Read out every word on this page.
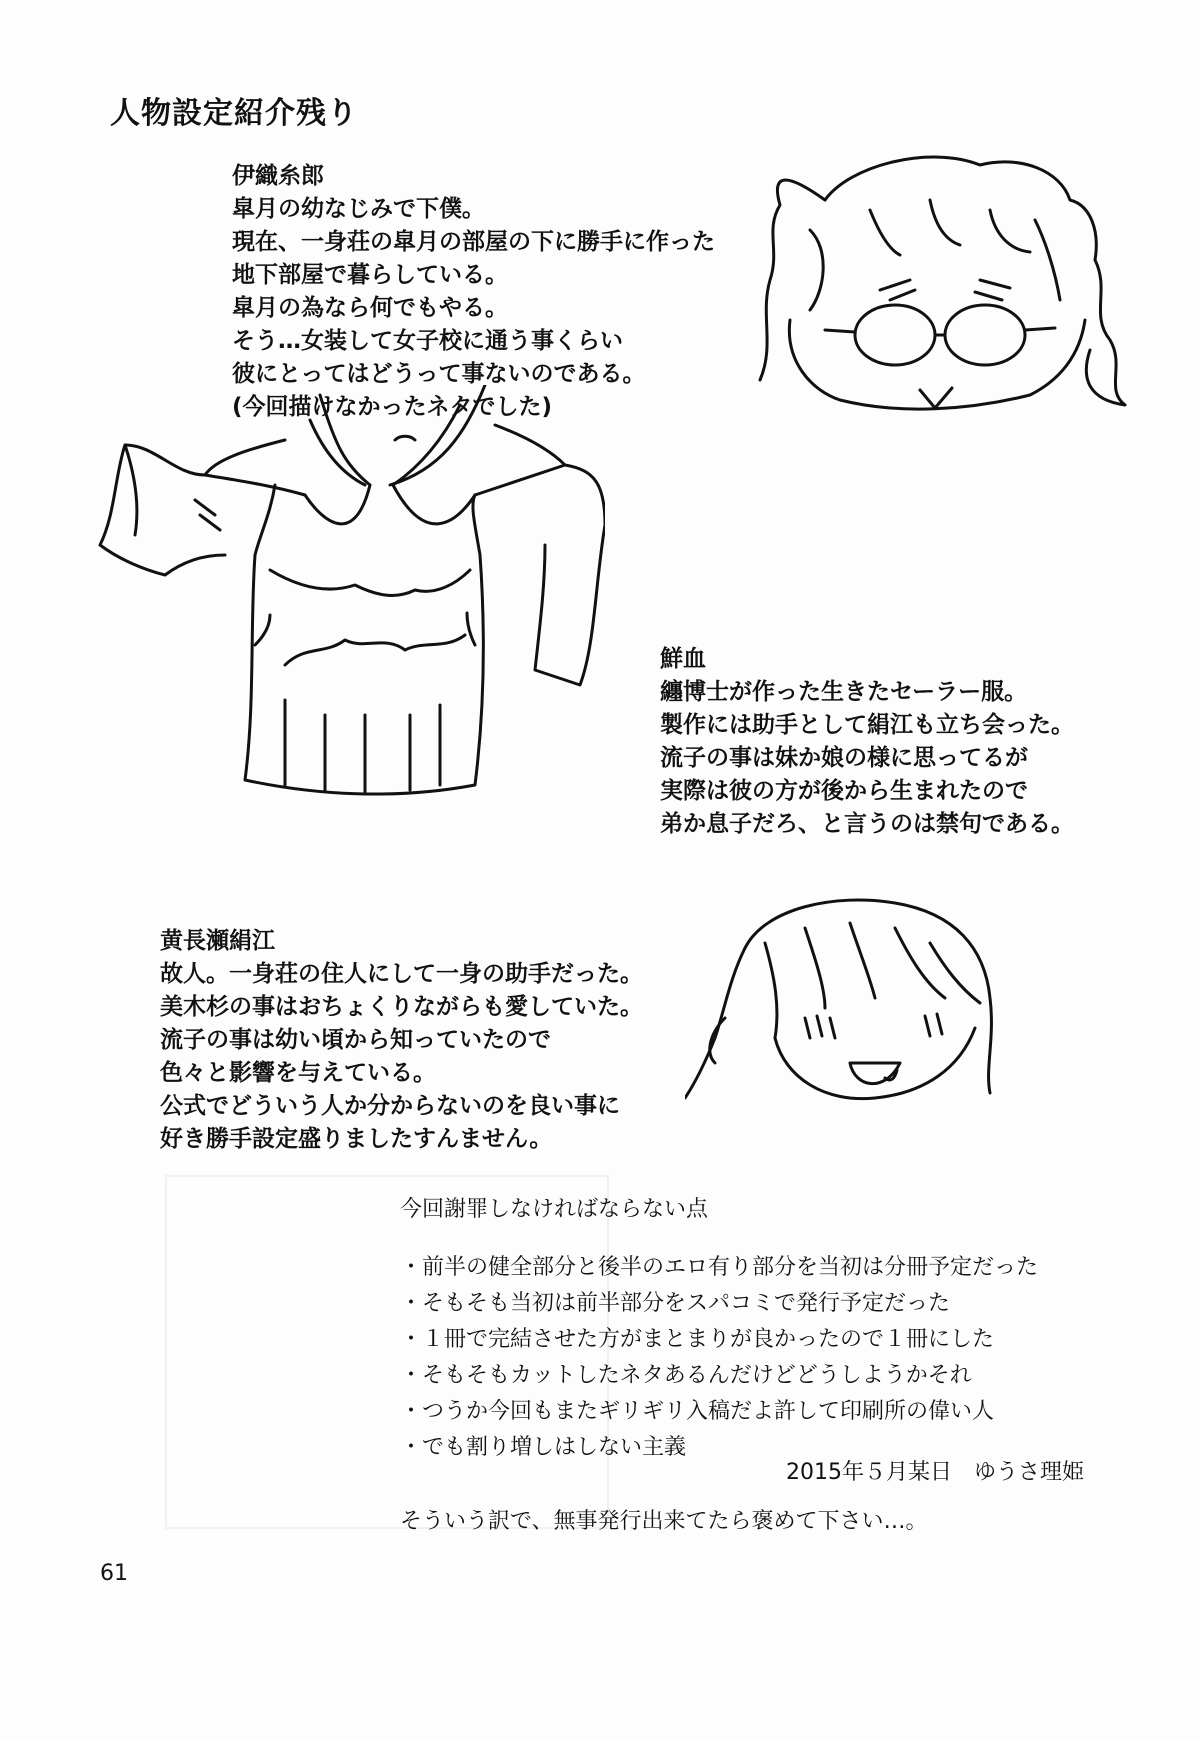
人物設定紹介残り
伊織糸郎
皐月の幼なじみで下僕。
現在、一身荘の皐月の部屋の下に勝手に作った
地下部屋で暮らしている。
皐月の為なら何でもやる。
そう…女装して女子校に通う事くらい
彼にとってはどうって事ないのである。
(今回描けなかったネタでした)
鮮血
纏博士が作った生きたセーラー服。
製作には助手として絹江も立ち会った。
流子の事は妹か娘の様に思ってるが
実際は彼の方が後から生まれたので
弟か息子だろ、と言うのは禁句である。
黄長瀬絹江
故人。一身荘の住人にして一身の助手だった。
美木杉の事はおちょくりながらも愛していた。
流子の事は幼い頃から知っていたので
色々と影響を与えている。
公式でどういう人か分からないのを良い事に
好き勝手設定盛りましたすんません。
今回謝罪しなければならない点
・前半の健全部分と後半のエロ有り部分を当初は分冊予定だった
・そもそも当初は前半部分をスパコミで発行予定だった
・１冊で完結させた方がまとまりが良かったので１冊にした
・そもそもカットしたネタあるんだけどどうしようかそれ
・つうか今回もまたギリギリ入稿だよ許して印刷所の偉い人
・でも割り増しはしない主義
そういう訳で、無事発行出来てたら褒めて下さい…。
2015年５月某日 ゆうさ理姫
61
